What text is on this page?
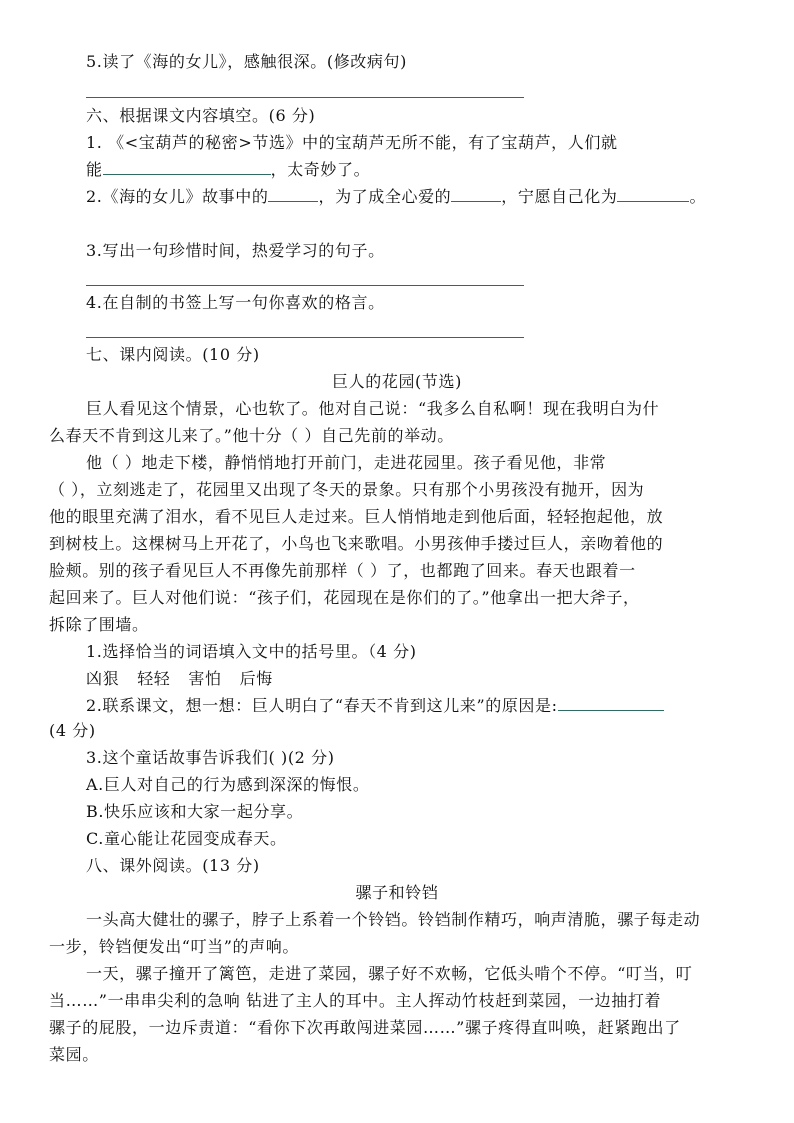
5.读了《海的女儿》，感触很深。(修改病句)
六、根据课文内容填空。(6 分)
1. 《<宝葫芦的秘密>节选》中的宝葫芦无所不能，有了宝葫芦，人们就
能	，太奇妙了。
2.《海的女儿》故事中的	，为了成全心爱的	，宁愿自己化为	。
3.写出一句珍惜时间，热爱学习的句子。
4.在自制的书签上写一句你喜欢的格言。
七、课内阅读。(10 分)
巨人的花园(节选)
巨人看见这个情景，心也软了。他对自己说：“我多么自私啊！现在我明白为什
么春天不肯到这儿来了。”他十分（ ）自己先前的举动。
他（ ）地走下楼，静悄悄地打开前门，走进花园里。孩子看见他，非常
（ ），立刻逃走了，花园里又出现了冬天的景象。只有那个小男孩没有抛开，因为
他的眼里充满了泪水，看不见巨人走过来。巨人悄悄地走到他后面，轻轻抱起他，放
到树枝上。这棵树马上开花了，小鸟也飞来歌唱。小男孩伸手搂过巨人，亲吻着他的
脸颊。别的孩子看见巨人不再像先前那样（ ）了，也都跑了回来。春天也跟着一
起回来了。巨人对他们说：“孩子们，花园现在是你们的了。”他拿出一把大斧子，
拆除了围墙。
1.选择恰当的词语填入文中的括号里。（4 分)
凶狠 轻轻 害怕 后悔
2.联系课文，想一想：巨人明白了“春天不肯到这儿来”的原因是:
(4 分)
3.这个童话故事告诉我们( )(2 分)
A.巨人对自己的行为感到深深的悔恨。
B.快乐应该和大家一起分享。
C.童心能让花园变成春天。
八、课外阅读。(13 分)
骡子和铃铛
一头高大健壮的骡子，脖子上系着一个铃铛。铃铛制作精巧，响声清脆，骡子每走动
一步，铃铛便发出“叮当”的声响。
一天，骡子撞开了篱笆，走进了菜园，骡子好不欢畅，它低头啃个不停。“叮当，叮
当……”一串串尖利的急响 钻进了主人的耳中。主人挥动竹枝赶到菜园，一边抽打着
骡子的屁股，一边斥责道：“看你下次再敢闯进菜园……”骡子疼得直叫唤，赶紧跑出了
菜园。
